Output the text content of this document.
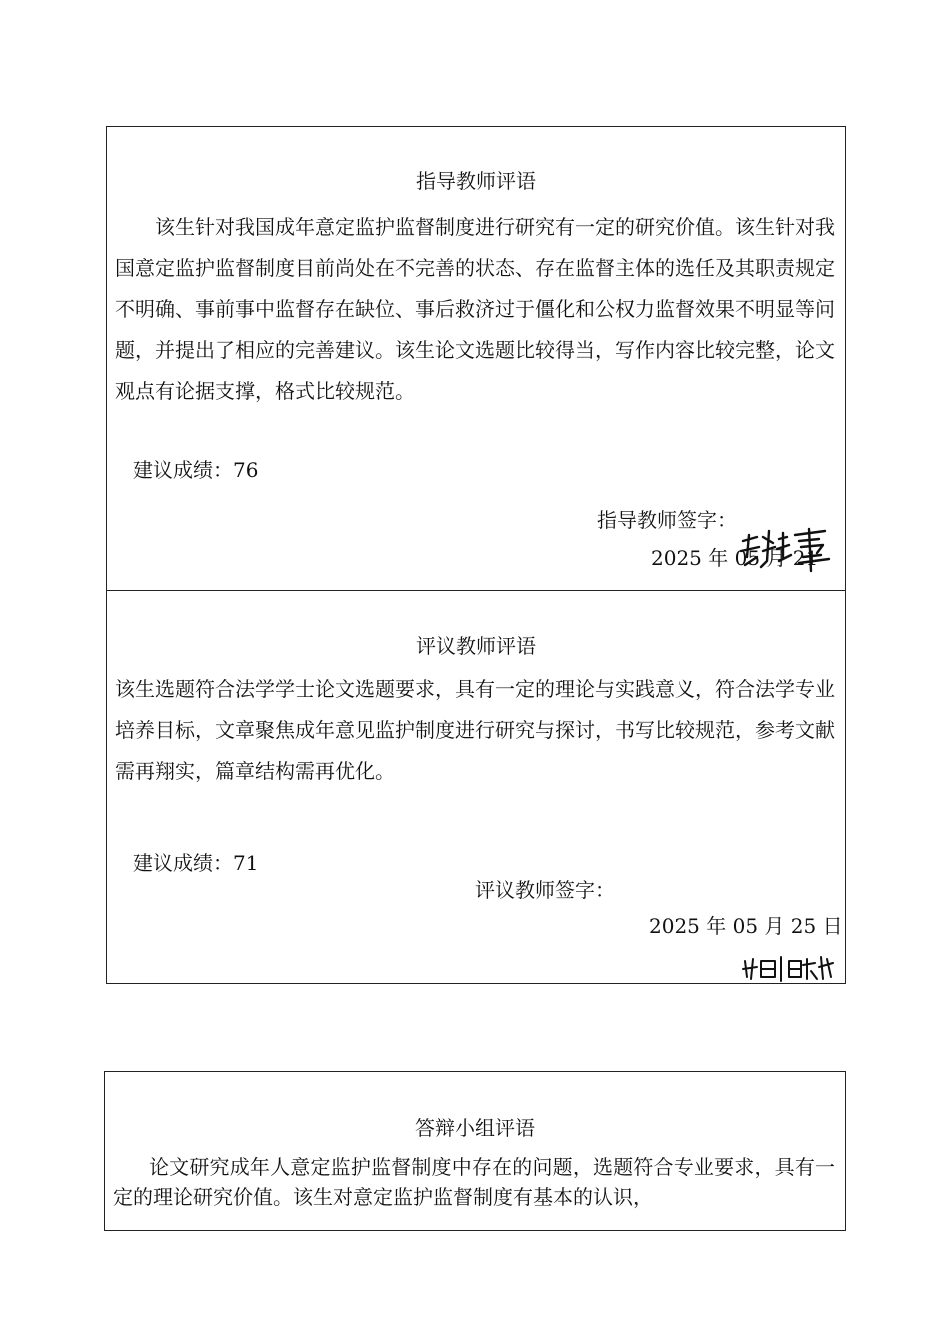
指导教师评语
该生针对我国成年意定监护监督制度进行研究有一定的研究价值。该生针对我国意定监护监督制度目前尚处在不完善的状态、存在监督主体的选任及其职责规定不明确、事前事中监督存在缺位、事后救济过于僵化和公权力监督效果不明显等问题，并提出了相应的完善建议。该生论文选题比较得当，写作内容比较完整，论文观点有论据支撑，格式比较规范。
建议成绩：76
指导教师签字：
2025 年 05 月 21
评议教师评语
该生选题符合法学学士论文选题要求，具有一定的理论与实践意义，符合法学专业培养目标，文章聚焦成年意见监护制度进行研究与探讨，书写比较规范，参考文献需再翔实，篇章结构需再优化。
建议成绩：71
评议教师签字：
2025 年 05 月 25 日
答辩小组评语
论文研究成年人意定监护监督制度中存在的问题，选题符合专业要求，具有一定的理论研究价值。该生对意定监护监督制度有基本的认识，
